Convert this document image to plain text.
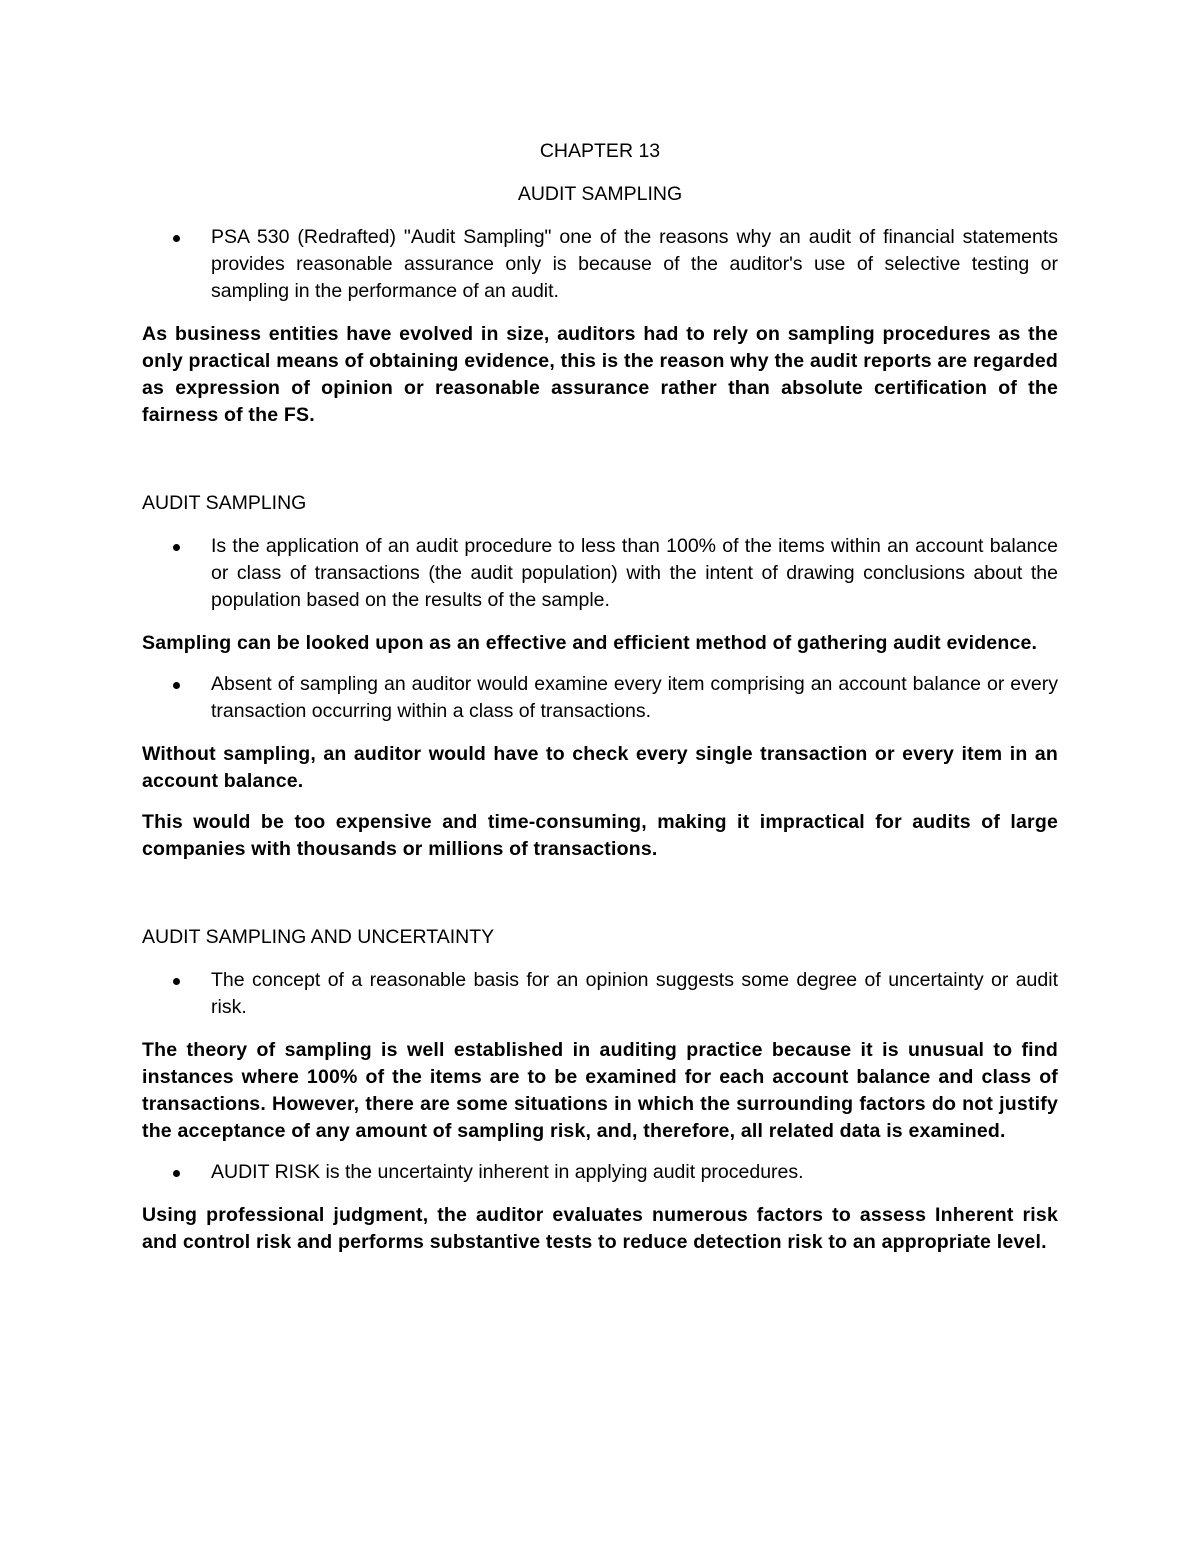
CHAPTER 13

AUDIT SAMPLING

PSA 530 (Redrafted) "Audit Sampling" one of the reasons why an audit of financial statements provides reasonable assurance only is because of the auditor's use of selective testing or sampling in the performance of an audit.

As business entities have evolved in size, auditors had to rely on sampling procedures as the only practical means of obtaining evidence, this is the reason why the audit reports are regarded as expression of opinion or reasonable assurance rather than absolute certification of the fairness of the FS.

AUDIT SAMPLING

Is the application of an audit procedure to less than 100% of the items within an account balance or class of transactions (the audit population) with the intent of drawing conclusions about the population based on the results of the sample.

Sampling can be looked upon as an effective and efficient method of gathering audit evidence.

Absent of sampling an auditor would examine every item comprising an account balance or every transaction occurring within a class of transactions.

Without sampling, an auditor would have to check every single transaction or every item in an account balance.

This would be too expensive and time-consuming, making it impractical for audits of large companies with thousands or millions of transactions.

AUDIT SAMPLING AND UNCERTAINTY

The concept of a reasonable basis for an opinion suggests some degree of uncertainty or audit risk.

The theory of sampling is well established in auditing practice because it is unusual to find instances where 100% of the items are to be examined for each account balance and class of transactions. However, there are some situations in which the surrounding factors do not justify the acceptance of any amount of sampling risk, and, therefore, all related data is examined.

AUDIT RISK is the uncertainty inherent in applying audit procedures.

Using professional judgment, the auditor evaluates numerous factors to assess Inherent risk and control risk and performs substantive tests to reduce detection risk to an appropriate level.
